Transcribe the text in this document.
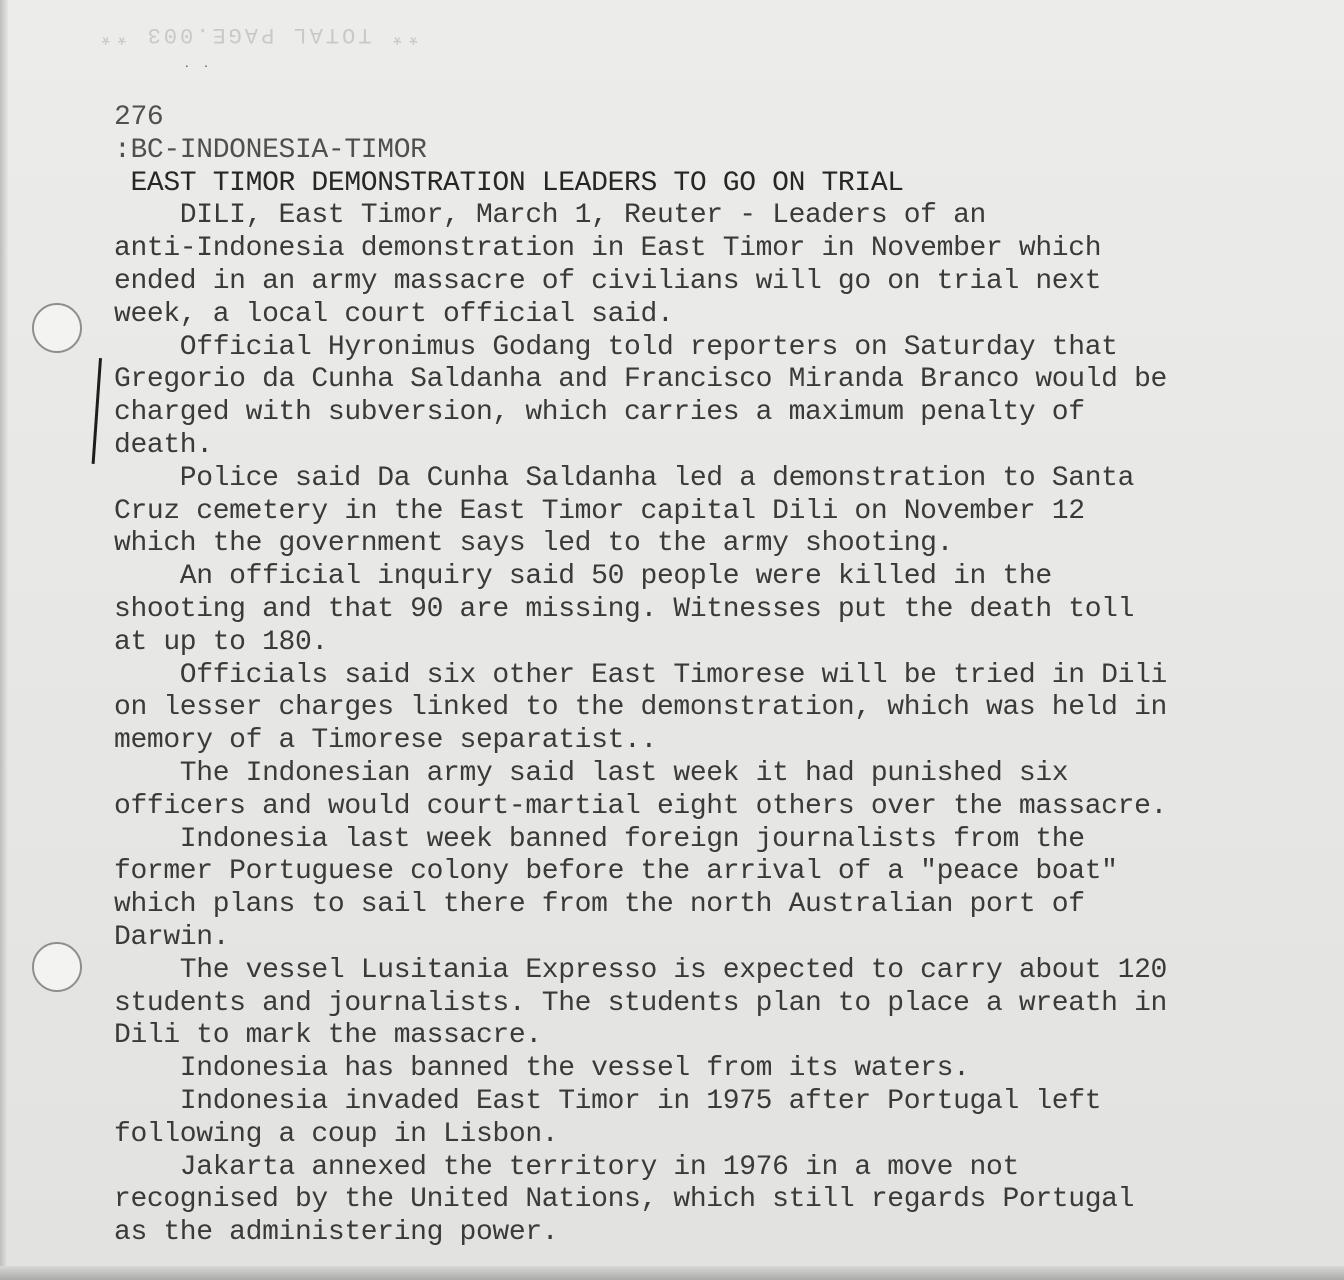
** TOTAL PAGE.003 **
˙ ˙
276
:BC-INDONESIA-TIMOR
EAST TIMOR DEMONSTRATION LEADERS TO GO ON TRIAL
DILI, East Timor, March 1, Reuter - Leaders of an
anti-Indonesia demonstration in East Timor in November which
ended in an army massacre of civilians will go on trial next
week, a local court official said.
Official Hyronimus Godang told reporters on Saturday that
Gregorio da Cunha Saldanha and Francisco Miranda Branco would be
charged with subversion, which carries a maximum penalty of
death.
Police said Da Cunha Saldanha led a demonstration to Santa
Cruz cemetery in the East Timor capital Dili on November 12
which the government says led to the army shooting.
An official inquiry said 50 people were killed in the
shooting and that 90 are missing. Witnesses put the death toll
at up to 180.
Officials said six other East Timorese will be tried in Dili
on lesser charges linked to the demonstration, which was held in
memory of a Timorese separatist..
The Indonesian army said last week it had punished six
officers and would court-martial eight others over the massacre.
Indonesia last week banned foreign journalists from the
former Portuguese colony before the arrival of a "peace boat"
which plans to sail there from the north Australian port of
Darwin.
The vessel Lusitania Expresso is expected to carry about 120
students and journalists. The students plan to place a wreath in
Dili to mark the massacre.
Indonesia has banned the vessel from its waters.
Indonesia invaded East Timor in 1975 after Portugal left
following a coup in Lisbon.
Jakarta annexed the territory in 1976 in a move not
recognised by the United Nations, which still regards Portugal
as the administering power.
